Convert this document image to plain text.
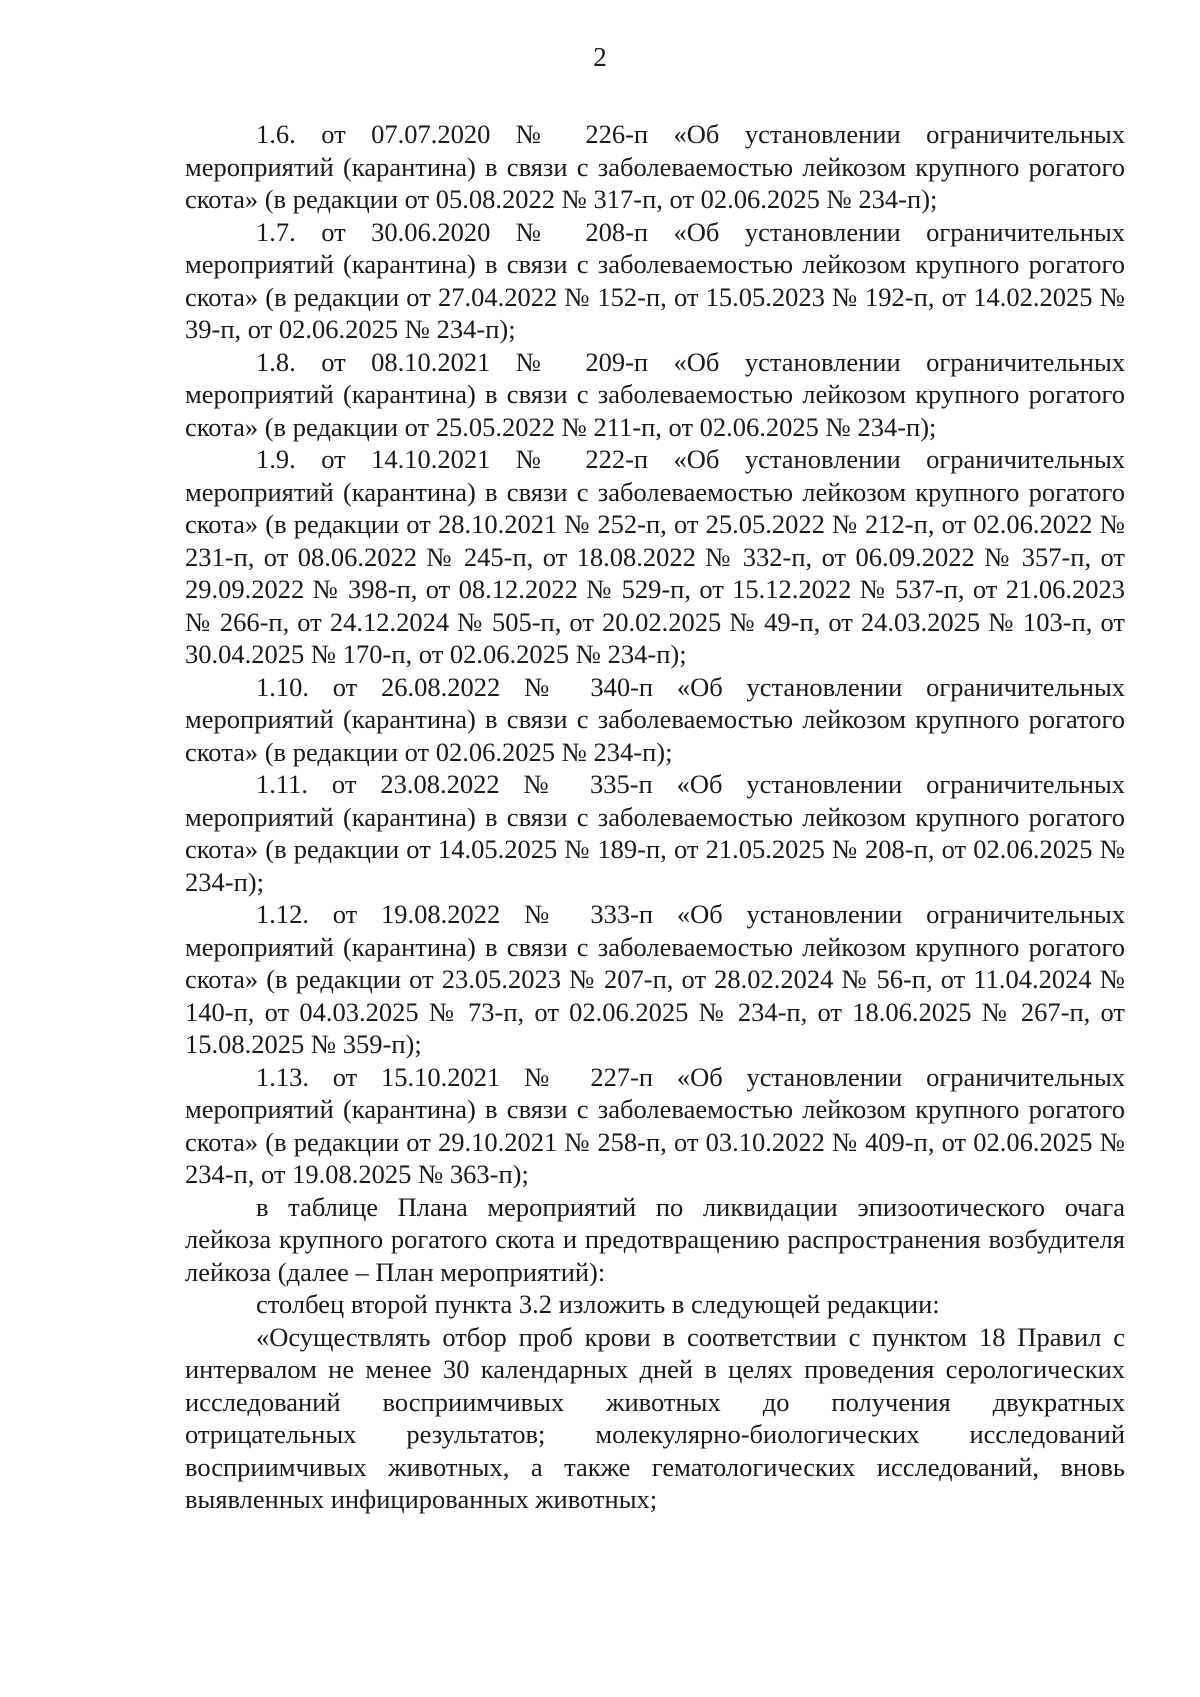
2

1.6. от 07.07.2020 № 226-п «Об установлении ограничительных мероприятий (карантина) в связи с заболеваемостью лейкозом крупного рогатого скота» (в редакции от 05.08.2022 № 317-п, от 02.06.2025 № 234-п);

1.7. от 30.06.2020 № 208-п «Об установлении ограничительных мероприятий (карантина) в связи с заболеваемостью лейкозом крупного рогатого скота» (в редакции от 27.04.2022 № 152-п, от 15.05.2023 № 192-п, от 14.02.2025 № 39-п, от 02.06.2025 № 234-п);

1.8. от 08.10.2021 № 209-п «Об установлении ограничительных мероприятий (карантина) в связи с заболеваемостью лейкозом крупного рогатого скота» (в редакции от 25.05.2022 № 211-п, от 02.06.2025 № 234-п);

1.9. от 14.10.2021 № 222-п «Об установлении ограничительных мероприятий (карантина) в связи с заболеваемостью лейкозом крупного рогатого скота» (в редакции от 28.10.2021 № 252-п, от 25.05.2022 № 212-п, от 02.06.2022 № 231-п, от 08.06.2022 № 245-п, от 18.08.2022 № 332-п, от 06.09.2022 № 357-п, от 29.09.2022 № 398-п, от 08.12.2022 № 529-п, от 15.12.2022 № 537-п, от 21.06.2023 № 266-п, от 24.12.2024 № 505-п, от 20.02.2025 № 49-п, от 24.03.2025 № 103-п, от 30.04.2025 № 170-п, от 02.06.2025 № 234-п);

1.10. от 26.08.2022 № 340-п «Об установлении ограничительных мероприятий (карантина) в связи с заболеваемостью лейкозом крупного рогатого скота» (в редакции от 02.06.2025 № 234-п);

1.11. от 23.08.2022 № 335-п «Об установлении ограничительных мероприятий (карантина) в связи с заболеваемостью лейкозом крупного рогатого скота» (в редакции от 14.05.2025 № 189-п, от 21.05.2025 № 208-п, от 02.06.2025 № 234-п);

1.12. от 19.08.2022 № 333-п «Об установлении ограничительных мероприятий (карантина) в связи с заболеваемостью лейкозом крупного рогатого скота» (в редакции от 23.05.2023 № 207-п, от 28.02.2024 № 56-п, от 11.04.2024 № 140-п, от 04.03.2025 № 73-п, от 02.06.2025 № 234-п, от 18.06.2025 № 267-п, от 15.08.2025 № 359-п);

1.13. от 15.10.2021 № 227-п «Об установлении ограничительных мероприятий (карантина) в связи с заболеваемостью лейкозом крупного рогатого скота» (в редакции от 29.10.2021 № 258-п, от 03.10.2022 № 409-п, от 02.06.2025 № 234-п, от 19.08.2025 № 363-п);

в таблице Плана мероприятий по ликвидации эпизоотического очага лейкоза крупного рогатого скота и предотвращению распространения возбудителя лейкоза (далее – План мероприятий):

столбец второй пункта 3.2 изложить в следующей редакции:

«Осуществлять отбор проб крови в соответствии с пунктом 18 Правил с интервалом не менее 30 календарных дней в целях проведения серологических исследований восприимчивых животных до получения двукратных отрицательных результатов; молекулярно-биологических исследований восприимчивых животных, а также гематологических исследований, вновь выявленных инфицированных животных;
